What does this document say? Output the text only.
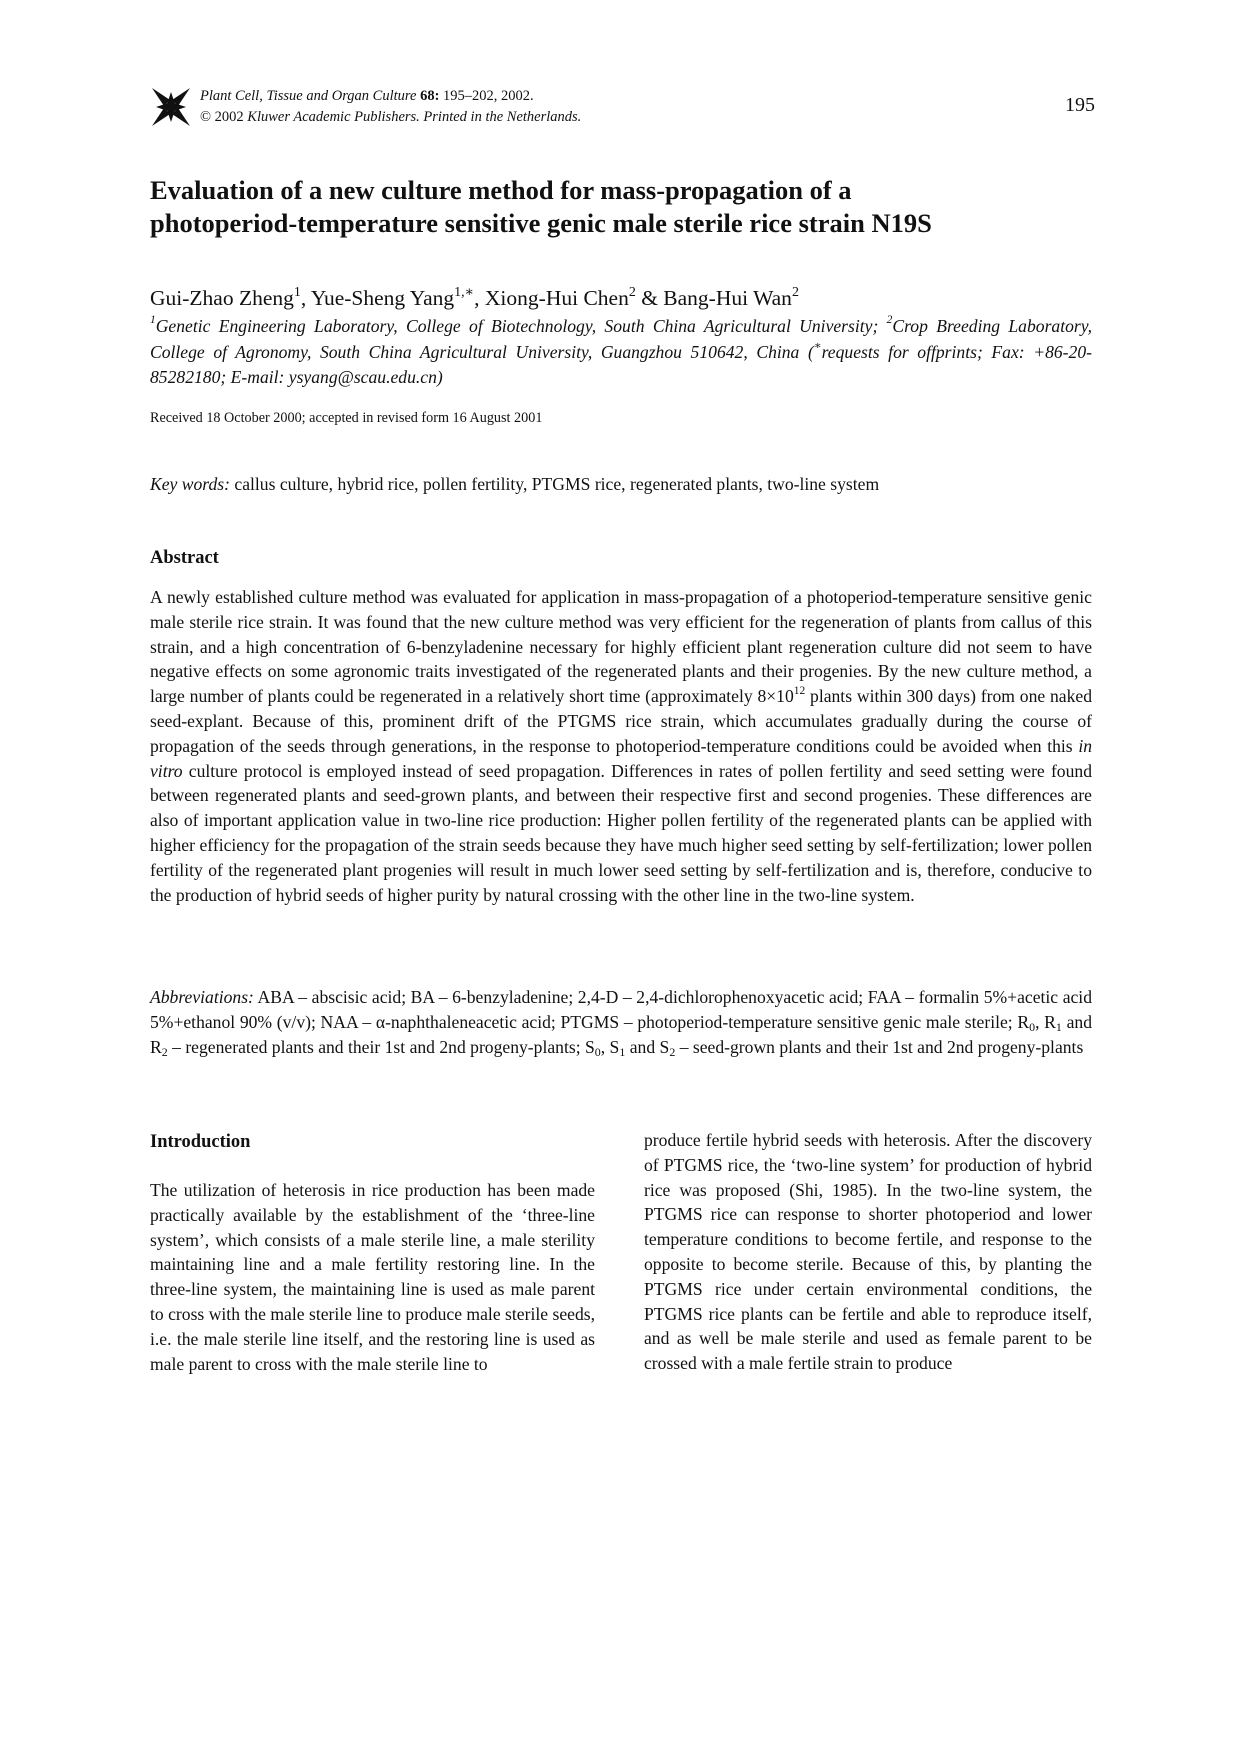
Plant Cell, Tissue and Organ Culture 68: 195–202, 2002.
© 2002 Kluwer Academic Publishers. Printed in the Netherlands.
195
Evaluation of a new culture method for mass-propagation of a
photoperiod-temperature sensitive genic male sterile rice strain N19S
Gui-Zhao Zheng$^1$, Yue-Sheng Yang$^{1,∗}$, Xiong-Hui Chen$^2$ & Bang-Hui Wan$^2$
$^1$Genetic Engineering Laboratory, College of Biotechnology, South China Agricultural University; $^2$Crop Breeding Laboratory, College of Agronomy, South China Agricultural University, Guangzhou 510642, China (∗requests for offprints; Fax: +86-20-85282180; E-mail: ysyang@scau.edu.cn)
Received 18 October 2000; accepted in revised form 16 August 2001
Key words: callus culture, hybrid rice, pollen fertility, PTGMS rice, regenerated plants, two-line system
Abstract

A newly established culture method was evaluated for application in mass-propagation of a photoperiod-temperature sensitive genic male sterile rice strain. It was found that the new culture method was very efficient for the regeneration of plants from callus of this strain, and a high concentration of 6-benzyladenine necessary for highly efficient plant regeneration culture did not seem to have negative effects on some agronomic traits investigated of the regenerated plants and their progenies. By the new culture method, a large number of plants could be regenerated in a relatively short time (approximately $8\times 10^{12}$ plants within 300 days) from one naked seed-explant. Because of this, prominent drift of the PTGMS rice strain, which accumulates gradually during the course of propagation of the seeds through generations, in the response to photoperiod-temperature conditions could be avoided when this in vitro culture protocol is employed instead of seed propagation. Differences in rates of pollen fertility and seed setting were found between regenerated plants and seed-grown plants, and between their respective first and second progenies. These differences are also of important application value in two-line rice production: Higher pollen fertility of the regenerated plants can be applied with higher efficiency for the propagation of the strain seeds because they have much higher seed setting by self-fertilization; lower pollen fertility of the regenerated plant progenies will result in much lower seed setting by self-fertilization and is, therefore, conducive to the production of hybrid seeds of higher purity by natural crossing with the other line in the two-line system.

Abbreviations: ABA – abscisic acid; BA – 6-benzyladenine; 2,4-D – 2,4-dichlorophenoxyacetic acid; FAA – formalin 5%+acetic acid 5%+ethanol 90% (v/v); NAA – α-naphthaleneacetic acid; PTGMS – photoperiod-temperature sensitive genic male sterile; $R_0$, $R_1$ and $R_2$ – regenerated plants and their 1st and 2nd progeny-plants; $S_0$, $S_1$ and $S_2$ – seed-grown plants and their 1st and 2nd progeny-plants

Introduction

The utilization of heterosis in rice production has been made practically available by the establishment of the ‘three-line system’, which consists of a male sterile line, a male sterility maintaining line and a male fertility restoring line. In the three-line system, the maintaining line is used as male parent to cross with the male sterile line to produce male sterile seeds, i.e. the male sterile line itself, and the restoring line is used as male parent to cross with the male sterile line to

produce fertile hybrid seeds with heterosis. After the discovery of PTGMS rice, the ‘two-line system’ for production of hybrid rice was proposed (Shi, 1985). In the two-line system, the PTGMS rice can response to shorter photoperiod and lower temperature conditions to become fertile, and response to the opposite to become sterile. Because of this, by planting the PTGMS rice under certain environmental conditions, the PTGMS rice plants can be fertile and able to reproduce itself, and as well be male sterile and used as female parent to be crossed with a male fertile strain to produce
